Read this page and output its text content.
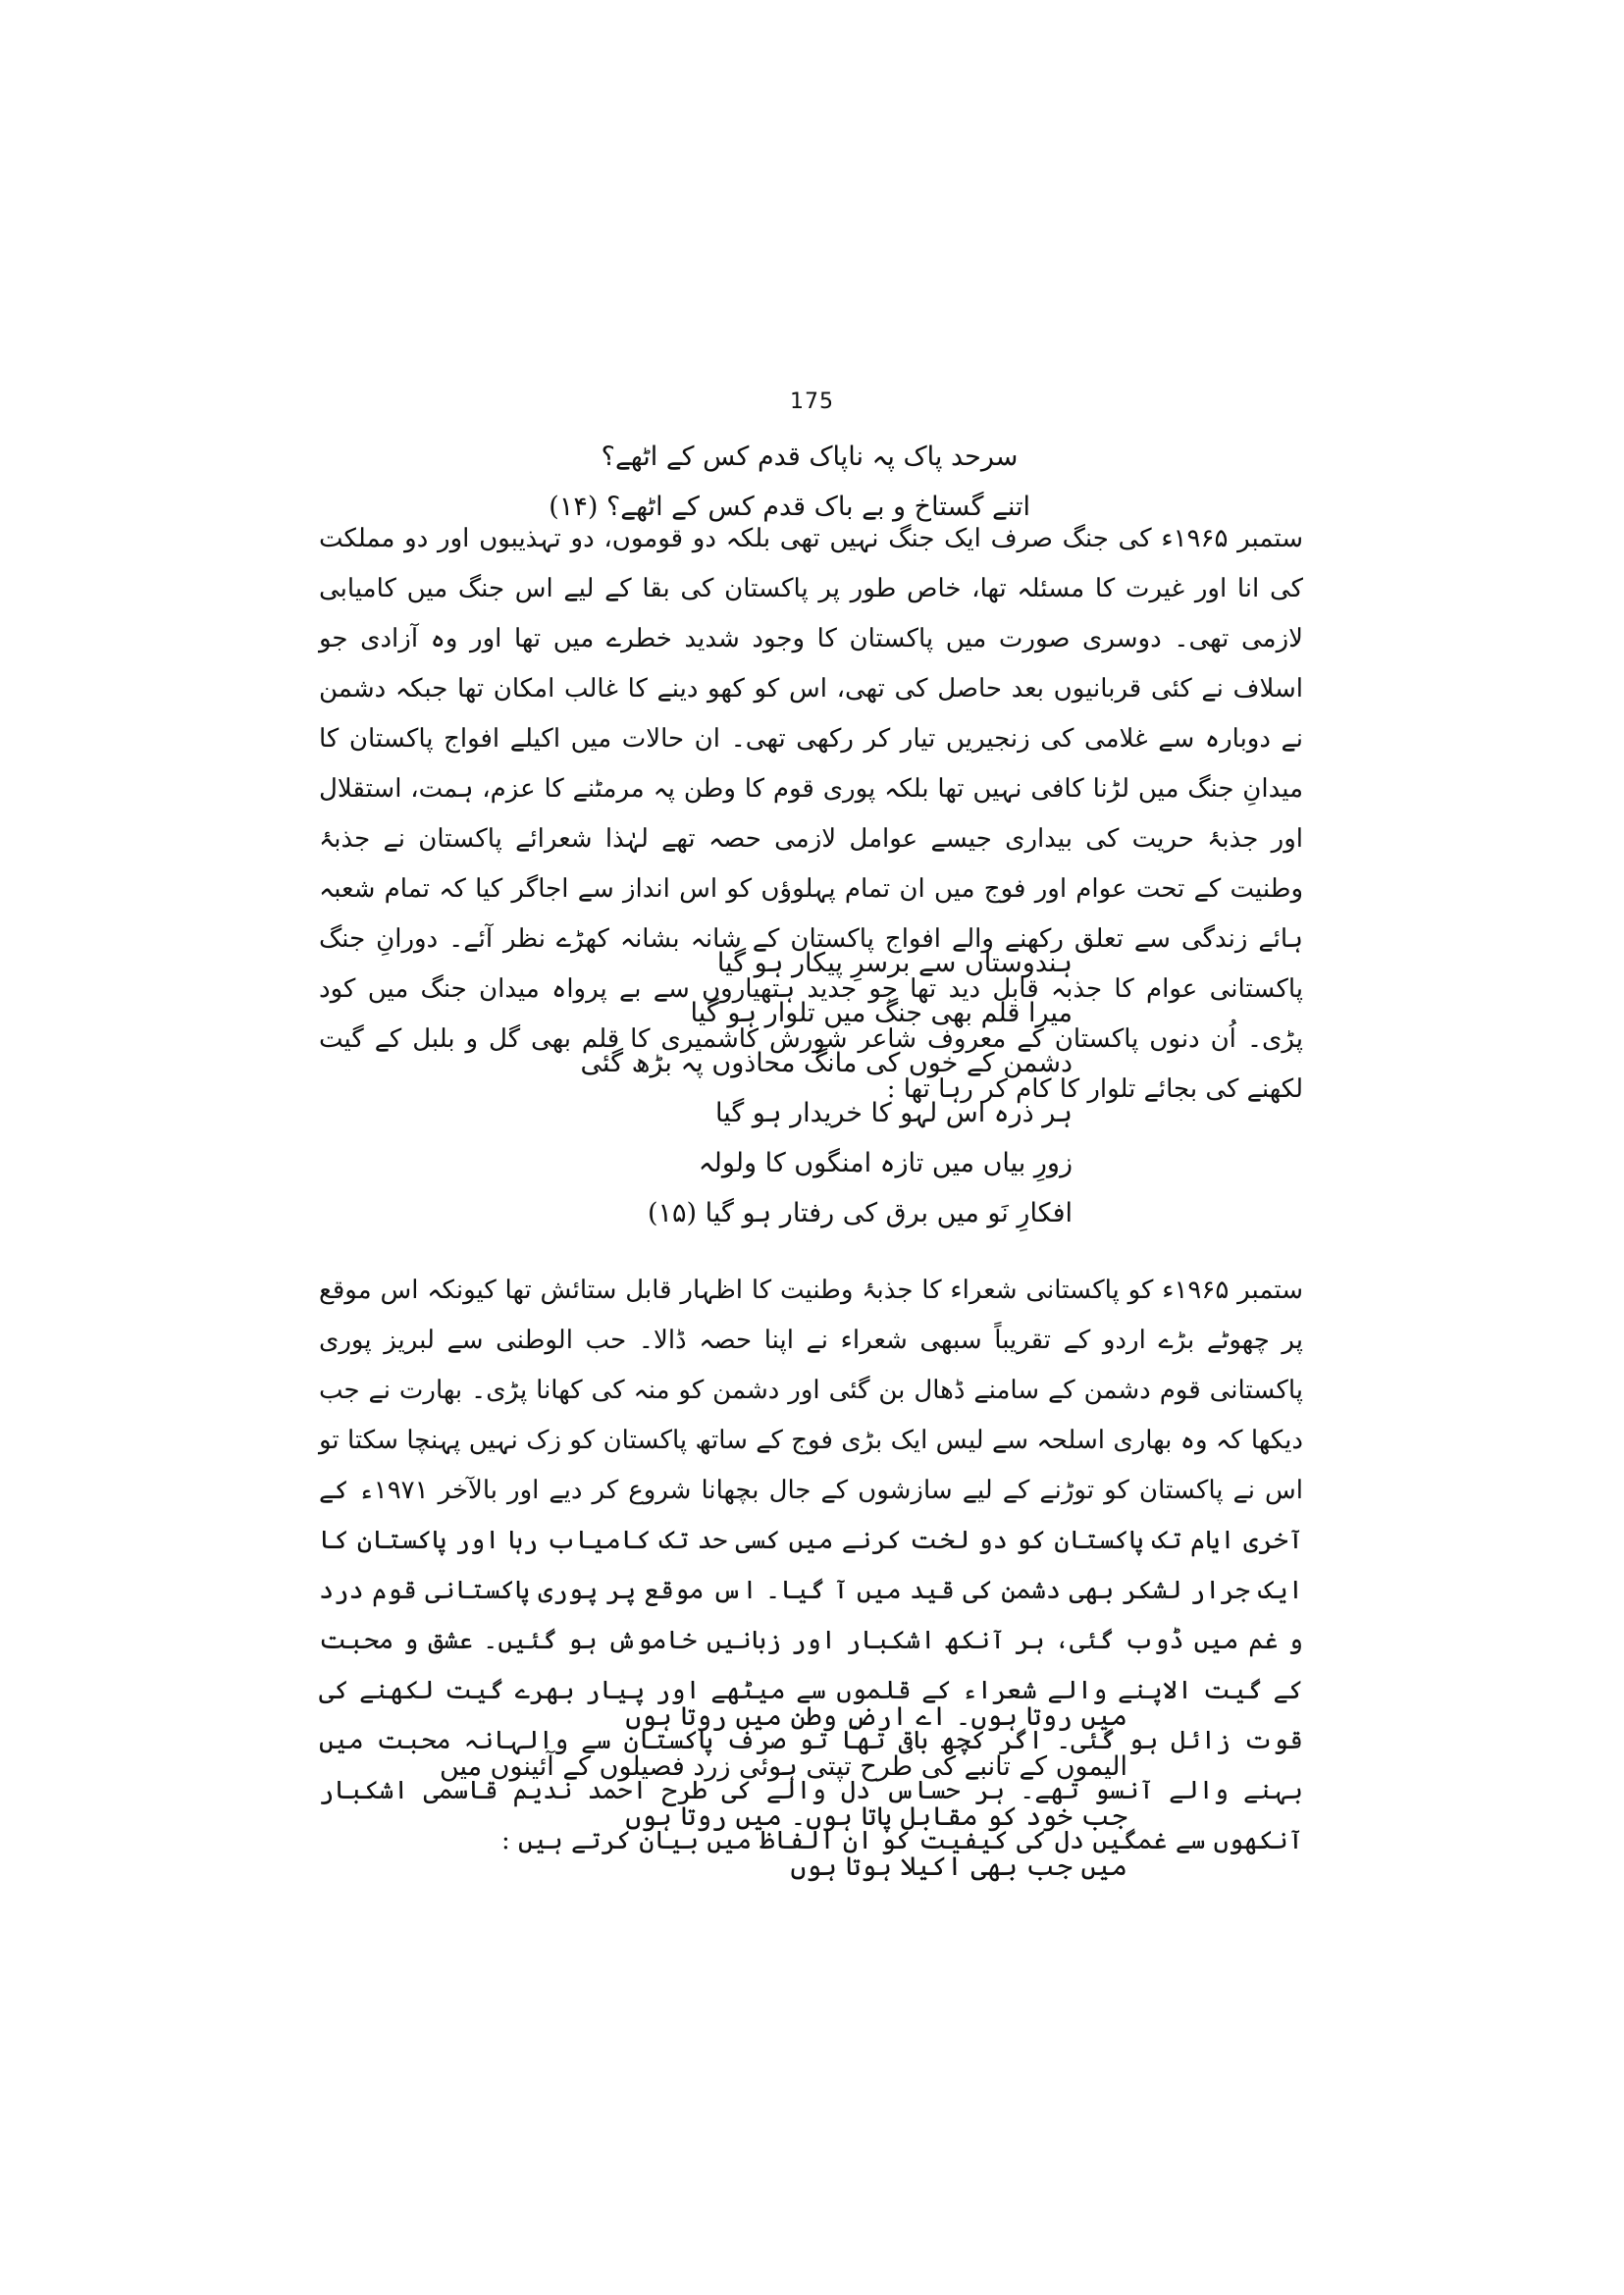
175
سرحد پاک پہ ناپاک قدم کس کے اٹھے؟
اتنے گستاخ و بے باک قدم کس کے اٹھے؟ (۱۴)

ستمبر ۱۹۶۵ء کی جنگ صرف ایک جنگ نہیں تھی بلکہ دو قوموں، دو تہذیبوں اور دو مملکت کی انا اور غیرت کا مسئلہ تھا، خاص طور پر پاکستان کی بقا کے لیے اس جنگ میں کامیابی لازمی تھی۔ دوسری صورت میں پاکستان کا وجود شدید خطرے میں تھا اور وہ آزادی جو اسلاف نے کئی قربانیوں بعد حاصل کی تھی، اس کو کھو دینے کا غالب امکان تھا جبکہ دشمن نے دوبارہ سے غلامی کی زنجیریں تیار کر رکھی تھی۔ ان حالات میں اکیلے افواج پاکستان کا میدانِ جنگ میں لڑنا کافی نہیں تھا بلکہ پوری قوم کا وطن پہ مرمٹنے کا عزم، ہمت، استقلال اور جذبۂ حریت کی بیداری جیسے عوامل لازمی حصہ تھے لہٰذا شعرائے پاکستان نے جذبۂ وطنیت کے تحت عوام اور فوج میں ان تمام پہلوؤں کو اس انداز سے اجاگر کیا کہ تمام شعبہ ہائے زندگی سے تعلق رکھنے والے افواج پاکستان کے شانہ بشانہ کھڑے نظر آئے۔ دورانِ جنگ پاکستانی عوام کا جذبہ قابل دید تھا جو جدید ہتھیاروں سے بے پرواہ میدان جنگ میں کود پڑی۔ اُن دنوں پاکستان کے معروف شاعر شورش کاشمیری کا قلم بھی گل و بلبل کے گیت لکھنے کی بجائے تلوار کا کام کر رہا تھا :

ہندوستاں سے برسرِ پیکار ہو گیا
میرا قلم بھی جنگ میں تلوار ہو گیا
دشمن کے خوں کی مانگ محاذوں پہ بڑھ گئی
ہر ذرہ اس لہو کا خریدار ہو گیا
زورِ بیاں میں تازہ امنگوں کا ولولہ
افکارِ نَو میں برق کی رفتار ہو گیا (۱۵)

ستمبر ۱۹۶۵ء کو پاکستانی شعراء کا جذبۂ وطنیت کا اظہار قابل ستائش تھا کیونکہ اس موقع پر چھوٹے بڑے اردو کے تقریباً سبھی شعراء نے اپنا حصہ ڈالا۔ حب الوطنی سے لبریز پوری پاکستانی قوم دشمن کے سامنے ڈھال بن گئی اور دشمن کو منہ کی کھانا پڑی۔ بھارت نے جب دیکھا کہ وہ بھاری اسلحہ سے لیس ایک بڑی فوج کے ساتھ پاکستان کو زک نہیں پہنچا سکتا تو اس نے پاکستان کو توڑنے کے لیے سازشوں کے جال بچھانا شروع کر دیے اور بالآخر ۱۹۷۱ء کے آخری ایام تک پاکستان کو دو لخت کرنے میں کسی حد تک کامیاب رہا اور پاکستان کا ایک جرار لشکر بھی دشمن کی قید میں آ گیا۔ اس موقع پر پوری پاکستانی قوم درد و غم میں ڈوب گئی، ہر آنکھ اشکبار اور زبانیں خاموش ہو گئیں۔ عشق و محبت کے گیت الاپنے والے شعراء کے قلموں سے میٹھے اور پیار بھرے گیت لکھنے کی قوت زائل ہو گئی۔ اگر کچھ باقی تھا تو صرف پاکستان سے والہانہ محبت میں بہنے والے آنسو تھے۔ ہر حساس دل والے کی طرح احمد ندیم قاسمی اشکبار آنکھوں سے غمگیں دل کی کیفیت کو ان الفاظ میں بیان کرتے ہیں :

میں روتا ہوں۔ اے ارضِ وطن میں روتا ہوں
الیموں کے تانبے کی طرح تپتی ہوئی زرد فصیلوں کے آئینوں میں
جب خود کو مقابل پاتا ہوں۔ میں روتا ہوں
میں جب بھی اکیلا ہوتا ہوں
